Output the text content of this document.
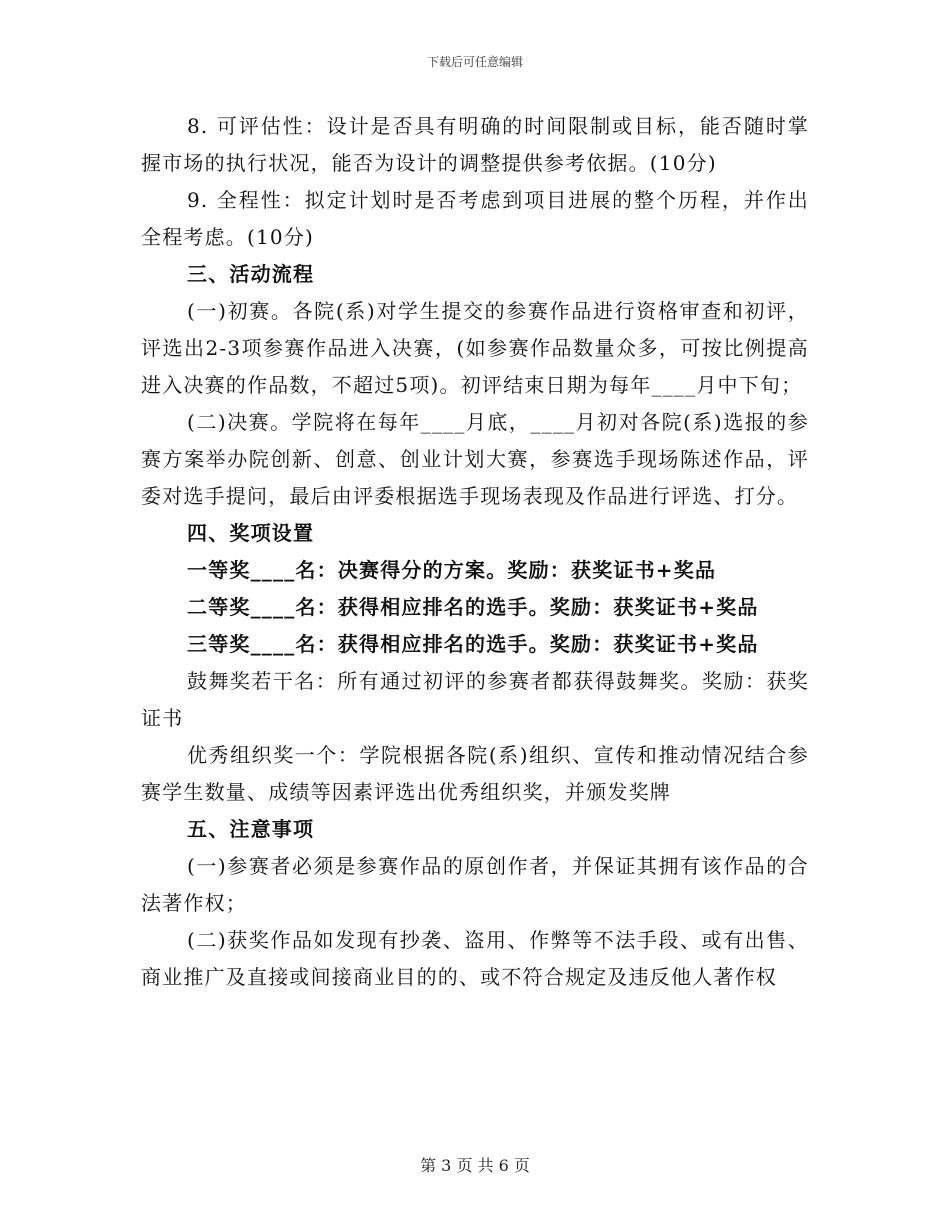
下载后可任意编辑

8. 可评估性：设计是否具有明确的时间限制或目标，能否随时掌握市场的执行状况，能否为设计的调整提供参考依据。(10分)

9. 全程性：拟定计划时是否考虑到项目进展的整个历程，并作出全程考虑。(10分)

三、活动流程

(一)初赛。各院(系)对学生提交的参赛作品进行资格审查和初评，评选出2-3项参赛作品进入决赛，(如参赛作品数量众多，可按比例提高进入决赛的作品数，不超过5项)。初评结束日期为每年____月中下旬；

(二)决赛。学院将在每年____月底，____月初对各院(系)选报的参赛方案举办院创新、创意、创业计划大赛，参赛选手现场陈述作品，评委对选手提问，最后由评委根据选手现场表现及作品进行评选、打分。

四、奖项设置

一等奖____名：决赛得分的方案。奖励：获奖证书+奖品

二等奖____名：获得相应排名的选手。奖励：获奖证书+奖品

三等奖____名：获得相应排名的选手。奖励：获奖证书+奖品

鼓舞奖若干名：所有通过初评的参赛者都获得鼓舞奖。奖励：获奖证书

优秀组织奖一个：学院根据各院(系)组织、宣传和推动情况结合参赛学生数量、成绩等因素评选出优秀组织奖，并颁发奖牌

五、注意事项

(一)参赛者必须是参赛作品的原创作者，并保证其拥有该作品的合法著作权；

(二)获奖作品如发现有抄袭、盗用、作弊等不法手段、或有出售、商业推广及直接或间接商业目的的、或不符合规定及违反他人著作权

第 3 页 共 6 页
